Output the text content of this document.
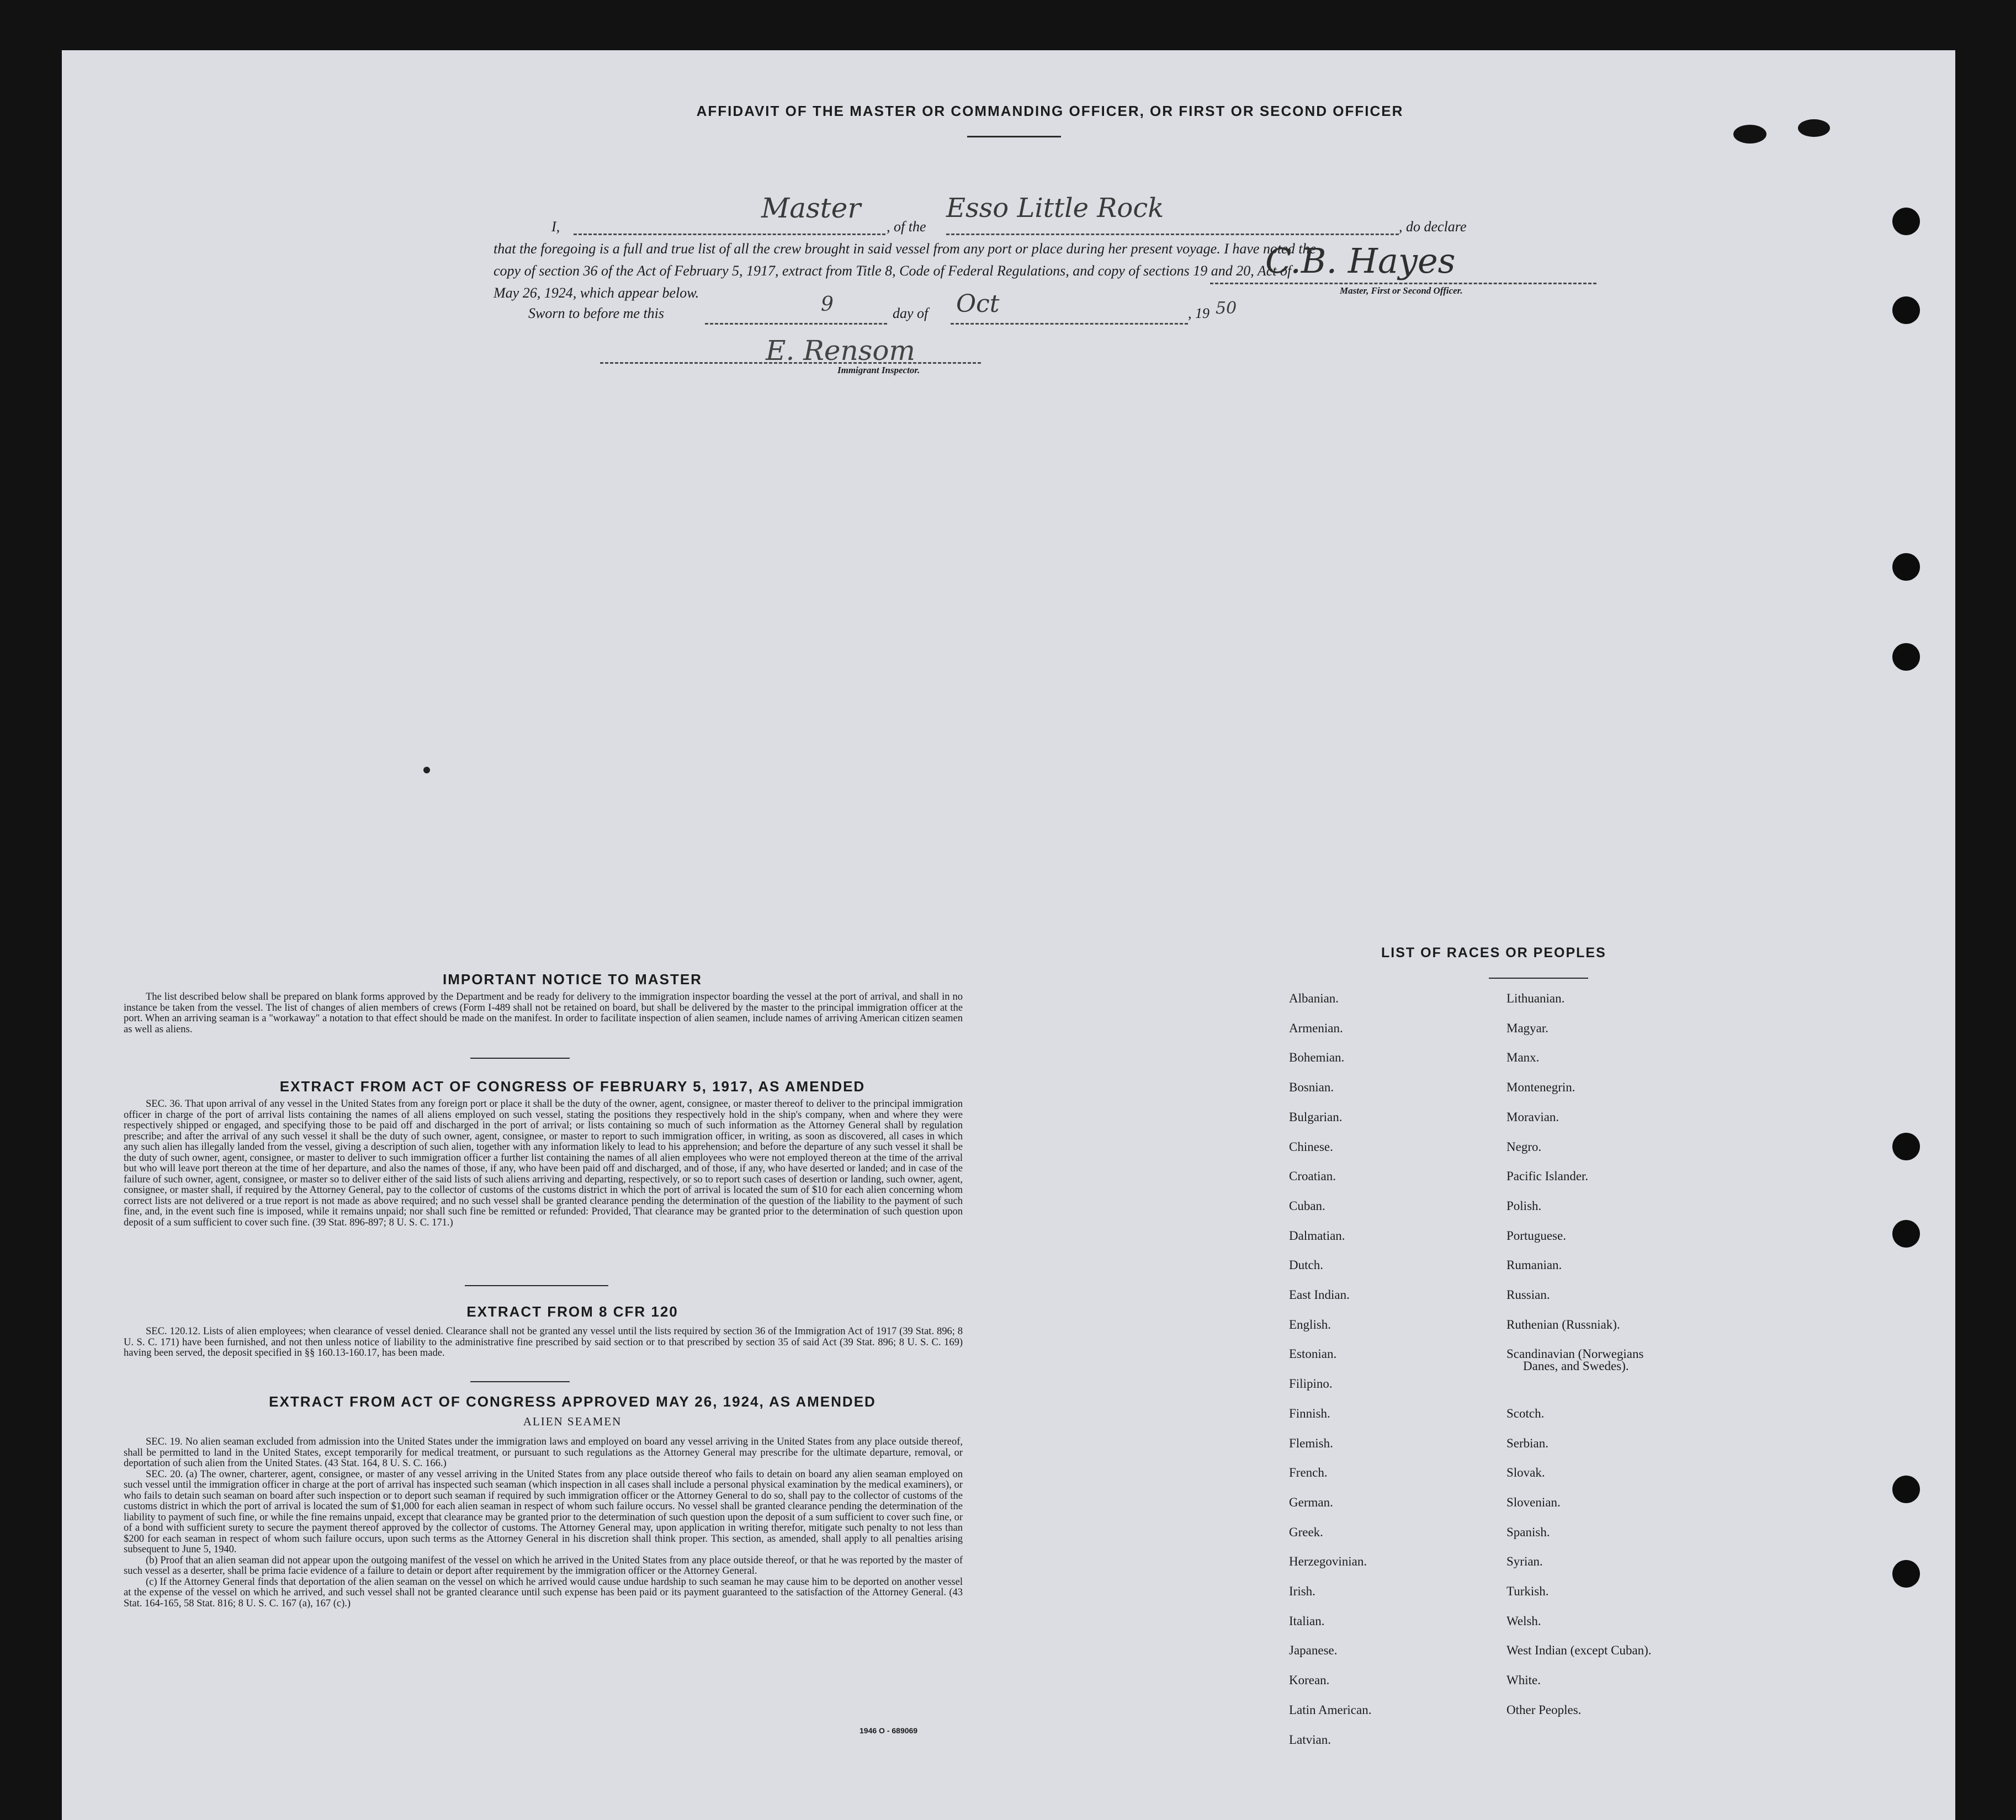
AFFIDAVIT OF THE MASTER OR COMMANDING OFFICER, OR FIRST OR SECOND OFFICER
I,
Master
, of the
Esso Little Rock
, do declare
that the foregoing is a full and true list of all the crew brought in said vessel from any port or place during her present voyage. I have noted the
copy of section 36 of the Act of February 5, 1917, extract from Title 8, Code of Federal Regulations, and copy of sections 19 and 20, Act of
May 26, 1924, which appear below.
C.B. Hayes
Master, First or Second Officer.
Sworn to before me this	9	day of Oct	, 19 50
E. Rensom
Immigrant Inspector.
IMPORTANT NOTICE TO MASTER

The list described below shall be prepared on blank forms approved by the Department and be ready for delivery to the immigration inspector boarding the vessel at the port of arrival, and shall in no instance be taken from the vessel. The list of changes of alien members of crews (Form I-489 shall not be retained on board, but shall be delivered by the master to the principal immigration officer at the port. When an arriving seaman is a "workaway" a notation to that effect should be made on the manifest. In order to facilitate inspection of alien seamen, include names of arriving American citizen seamen as well as aliens.

EXTRACT FROM ACT OF CONGRESS OF FEBRUARY 5, 1917, AS AMENDED

SEC. 36. That upon arrival of any vessel in the United States from any foreign port or place it shall be the duty of the owner, agent, consignee, or master thereof to deliver to the principal immigration officer in charge of the port of arrival lists containing the names of all aliens employed on such vessel, stating the positions they respectively hold in the ship's company, when and where they were respectively shipped or engaged, and specifying those to be paid off and discharged in the port of arrival; or lists containing so much of such information as the Attorney General shall by regulation prescribe; and after the arrival of any such vessel it shall be the duty of such owner, agent, consignee, or master to report to such immigration officer, in writing, as soon as discovered, all cases in which any such alien has illegally landed from the vessel, giving a description of such alien, together with any information likely to lead to his apprehension; and before the departure of any such vessel it shall be the duty of such owner, agent, consignee, or master to deliver to such immigration officer a further list containing the names of all alien employees who were not employed thereon at the time of the arrival but who will leave port thereon at the time of her departure, and also the names of those, if any, who have been paid off and discharged, and of those, if any, who have deserted or landed; and in case of the failure of such owner, agent, consignee, or master so to deliver either of the said lists of such aliens arriving and departing, respectively, or so to report such cases of desertion or landing, such owner, agent, consignee, or master shall, if required by the Attorney General, pay to the collector of customs of the customs district in which the port of arrival is located the sum of $10 for each alien concerning whom correct lists are not delivered or a true report is not made as above required; and no such vessel shall be granted clearance pending the determination of the question of the liability to the payment of such fine, and, in the event such fine is imposed, while it remains unpaid; nor shall such fine be remitted or refunded: Provided, That clearance may be granted prior to the determination of such question upon deposit of a sum sufficient to cover such fine. (39 Stat. 896-897; 8 U. S. C. 171.)

EXTRACT FROM 8 CFR 120

SEC. 120.12. Lists of alien employees; when clearance of vessel denied. Clearance shall not be granted any vessel until the lists required by section 36 of the Immigration Act of 1917 (39 Stat. 896; 8 U. S. C. 171) have been furnished, and not then unless notice of liability to the administrative fine prescribed by said section or to that prescribed by section 35 of said Act (39 Stat. 896; 8 U. S. C. 169) having been served, the deposit specified in §§ 160.13-160.17, has been made.

EXTRACT FROM ACT OF CONGRESS APPROVED MAY 26, 1924, AS AMENDED
ALIEN SEAMEN

SEC. 19. No alien seaman excluded from admission into the United States under the immigration laws and employed on board any vessel arriving in the United States from any place outside thereof, shall be permitted to land in the United States, except temporarily for medical treatment, or pursuant to such regulations as the Attorney General may prescribe for the ultimate departure, removal, or deportation of such alien from the United States. (43 Stat. 164, 8 U. S. C. 166.)

SEC. 20. (a) The owner, charterer, agent, consignee, or master of any vessel arriving in the United States from any place outside thereof who fails to detain on board any alien seaman employed on such vessel until the immigration officer in charge at the port of arrival has inspected such seaman (which inspection in all cases shall include a personal physical examination by the medical examiners), or who fails to detain such seaman on board after such inspection or to deport such seaman if required by such immigration officer or the Attorney General to do so, shall pay to the collector of customs of the customs district in which the port of arrival is located the sum of $1,000 for each alien seaman in respect of whom such failure occurs. No vessel shall be granted clearance pending the determination of the liability to payment of such fine, or while the fine remains unpaid, except that clearance may be granted prior to the determination of such question upon the deposit of a sum sufficient to cover such fine, or of a bond with sufficient surety to secure the payment thereof approved by the collector of customs. The Attorney General may, upon application in writing therefor, mitigate such penalty to not less than $200 for each seaman in respect of whom such failure occurs, upon such terms as the Attorney General in his discretion shall think proper. This section, as amended, shall apply to all penalties arising subsequent to June 5, 1940.

(b) Proof that an alien seaman did not appear upon the outgoing manifest of the vessel on which he arrived in the United States from any place outside thereof, or that he was reported by the master of such vessel as a deserter, shall be prima facie evidence of a failure to detain or deport after requirement by the immigration officer or the Attorney General.

(c) If the Attorney General finds that deportation of the alien seaman on the vessel on which he arrived would cause undue hardship to such seaman he may cause him to be deported on another vessel at the expense of the vessel on which he arrived, and such vessel shall not be granted clearance until such expense has been paid or its payment guaranteed to the satisfaction of the Attorney General. (43 Stat. 164-165, 58 Stat. 816; 8 U. S. C. 167 (a), 167 (c).)

1946 O - 689069
LIST OF RACES OR PEOPLES
Albanian.
Armenian.
Bohemian.
Bosnian.
Bulgarian.
Chinese.
Croatian.
Cuban.
Dalmatian.
Dutch.
East Indian.
English.
Estonian.
Filipino.
Finnish.
Flemish.
French.
German.
Greek.
Herzegovinian.
Irish.
Italian.
Japanese.
Korean.
Latin American.
Latvian.
Lithuanian.
Magyar.
Manx.
Montenegrin.
Moravian.
Negro.
Pacific Islander.
Polish.
Portuguese.
Rumanian.
Russian.
Ruthenian (Russniak).
Scandinavian (Norwegians
Danes, and Swedes).
Scotch.
Serbian.
Slovak.
Slovenian.
Spanish.
Syrian.
Turkish.
Welsh.
West Indian (except Cuban).
White.
Other Peoples.
